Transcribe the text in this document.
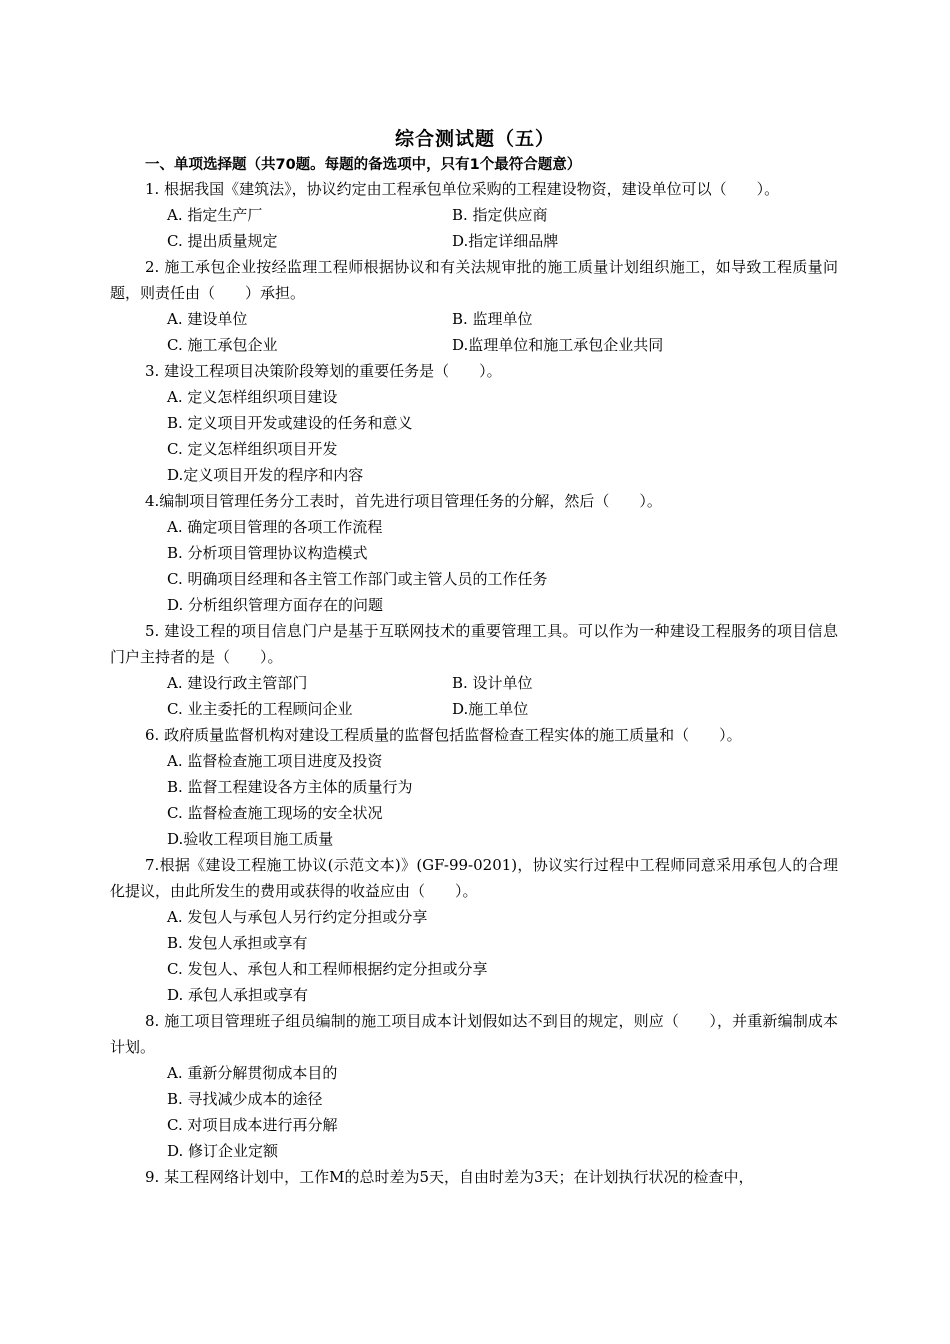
综合测试题（五）
一、单项选择题（共70题。每题的备选项中，只有1个最符合题意）

1. 根据我国《建筑法》，协议约定由工程承包单位采购的工程建设物资，建设单位可以（　　）。

A. 指定生产厂	B. 指定供应商
C. 提出质量规定	D.指定详细品牌

2. 施工承包企业按经监理工程师根据协议和有关法规审批的施工质量计划组织施工，如导致工程质量问题，则责任由（　　）承担。

A. 建设单位	B. 监理单位
C. 施工承包企业	D.监理单位和施工承包企业共同

3. 建设工程项目决策阶段筹划的重要任务是（　　）。

A. 定义怎样组织项目建设
B. 定义项目开发或建设的任务和意义
C. 定义怎样组织项目开发
D.定义项目开发的程序和内容

4.编制项目管理任务分工表时，首先进行项目管理任务的分解，然后（　　）。

A. 确定项目管理的各项工作流程
B. 分析项目管理协议构造模式
C. 明确项目经理和各主管工作部门或主管人员的工作任务
D. 分析组织管理方面存在的问题

5. 建设工程的项目信息门户是基于互联网技术的重要管理工具。可以作为一种建设工程服务的项目信息门户主持者的是（　　）。

A. 建设行政主管部门	B. 设计单位
C. 业主委托的工程顾问企业	D.施工单位

6. 政府质量监督机构对建设工程质量的监督包括监督检查工程实体的施工质量和（　　）。

A. 监督检查施工项目进度及投资
B. 监督工程建设各方主体的质量行为
C. 监督检查施工现场的安全状况
D.验收工程项目施工质量

7.根据《建设工程施工协议(示范文本)》(GF-99-0201)，协议实行过程中工程师同意采用承包人的合理化提议，由此所发生的费用或获得的收益应由（　　）。

A. 发包人与承包人另行约定分担或分享
B. 发包人承担或享有
C. 发包人、承包人和工程师根据约定分担或分享
D. 承包人承担或享有

8. 施工项目管理班子组员编制的施工项目成本计划假如达不到目的规定，则应（　　），并重新编制成本计划。

A. 重新分解贯彻成本目的
B. 寻找减少成本的途径
C. 对项目成本进行再分解
D. 修订企业定额

9. 某工程网络计划中，工作M的总时差为5天，自由时差为3天；在计划执行状况的检查中，
